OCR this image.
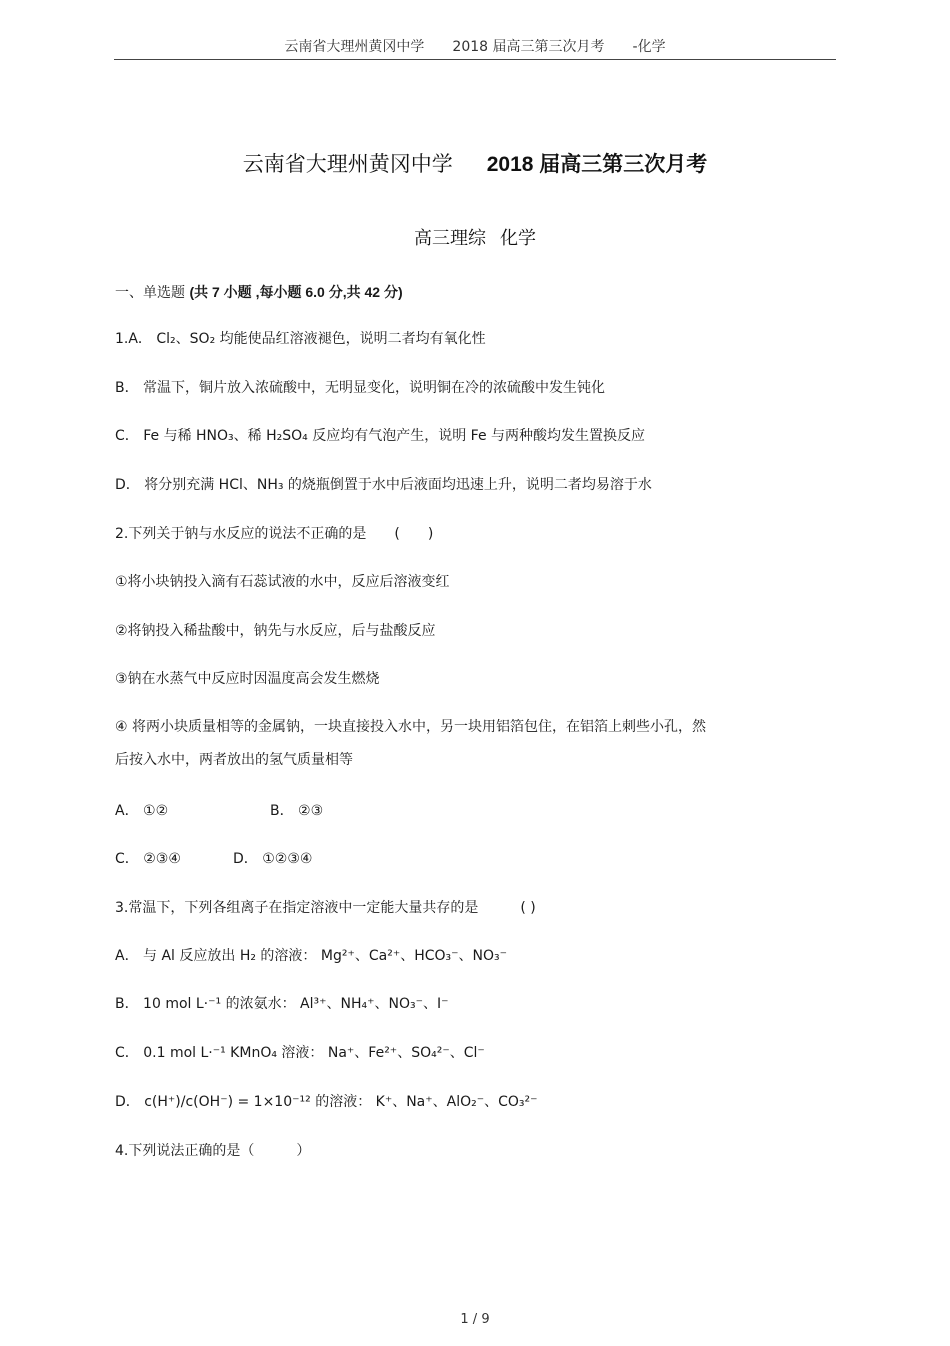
云南省大理州黄冈中学 2018 届高三第三次月考 -化学
云南省大理州黄冈中学 2018 届高三第三次月考
高三理综 化学
一、单选题 (共 7 小题 ,每小题 6.0 分,共 42 分)
1.A． Cl₂、SO₂ 均能使品红溶液褪色，说明二者均有氧化性
B． 常温下，铜片放入浓硫酸中，无明显变化，说明铜在冷的浓硫酸中发生钝化
C． Fe 与稀 HNO₃、稀 H₂SO₄ 反应均有气泡产生，说明 Fe 与两种酸均发生置换反应
D． 将分别充满 HCl、NH₃ 的烧瓶倒置于水中后液面均迅速上升，说明二者均易溶于水
2.下列关于钠与水反应的说法不正确的是　　(　　)
①将小块钠投入滴有石蕊试液的水中，反应后溶液变红
②将钠投入稀盐酸中，钠先与水反应，后与盐酸反应
③钠在水蒸气中反应时因温度高会发生燃烧
④ 将两小块质量相等的金属钠，一块直接投入水中，另一块用铝箔包住，在铝箔上刺些小孔，然
后按入水中，两者放出的氢气质量相等
A． ①②	B． ②③
C． ②③④	D． ①②③④
3.常温下，下列各组离子在指定溶液中一定能大量共存的是　　　( )
A． 与 Al 反应放出 H₂ 的溶液： Mg²⁺、Ca²⁺、HCO₃⁻、NO₃⁻
B． 10 mol L·⁻¹ 的浓氨水： Al³⁺、NH₄⁺、NO₃⁻、I⁻
C． 0.1 mol L·⁻¹ KMnO₄ 溶液： Na⁺、Fe²⁺、SO₄²⁻、Cl⁻
D． c(H⁺)/c(OH⁻) = 1×10⁻¹² 的溶液： K⁺、Na⁺、AlO₂⁻、CO₃²⁻
4.下列说法正确的是（　　　）
1 / 9
